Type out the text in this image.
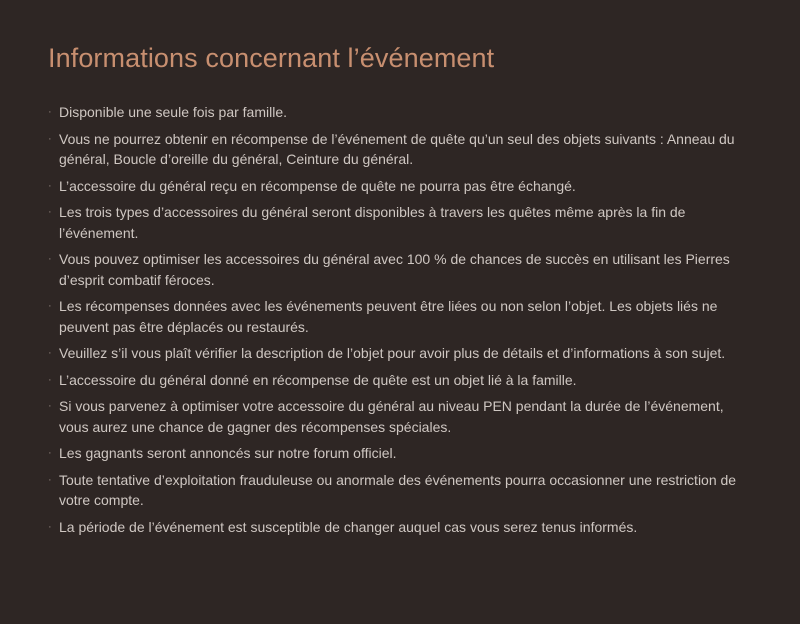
Informations concernant l’événement
· Disponible une seule fois par famille.
· Vous ne pourrez obtenir en récompense de l’événement de quête qu’un seul des objets suivants : Anneau du général, Boucle d’oreille du général, Ceinture du général.
· L’accessoire du général reçu en récompense de quête ne pourra pas être échangé.
· Les trois types d’accessoires du général seront disponibles à travers les quêtes même après la fin de l’événement.
· Vous pouvez optimiser les accessoires du général avec 100 % de chances de succès en utilisant les Pierres d’esprit combatif féroces.
· Les récompenses données avec les événements peuvent être liées ou non selon l’objet. Les objets liés ne peuvent pas être déplacés ou restaurés.
· Veuillez s’il vous plaît vérifier la description de l’objet pour avoir plus de détails et d’informations à son sujet.
· L’accessoire du général donné en récompense de quête est un objet lié à la famille.
· Si vous parvenez à optimiser votre accessoire du général au niveau PEN pendant la durée de l’événement, vous aurez une chance de gagner des récompenses spéciales.
· Les gagnants seront annoncés sur notre forum officiel.
· Toute tentative d’exploitation frauduleuse ou anormale des événements pourra occasionner une restriction de votre compte.
· La période de l’événement est susceptible de changer auquel cas vous serez tenus informés.
